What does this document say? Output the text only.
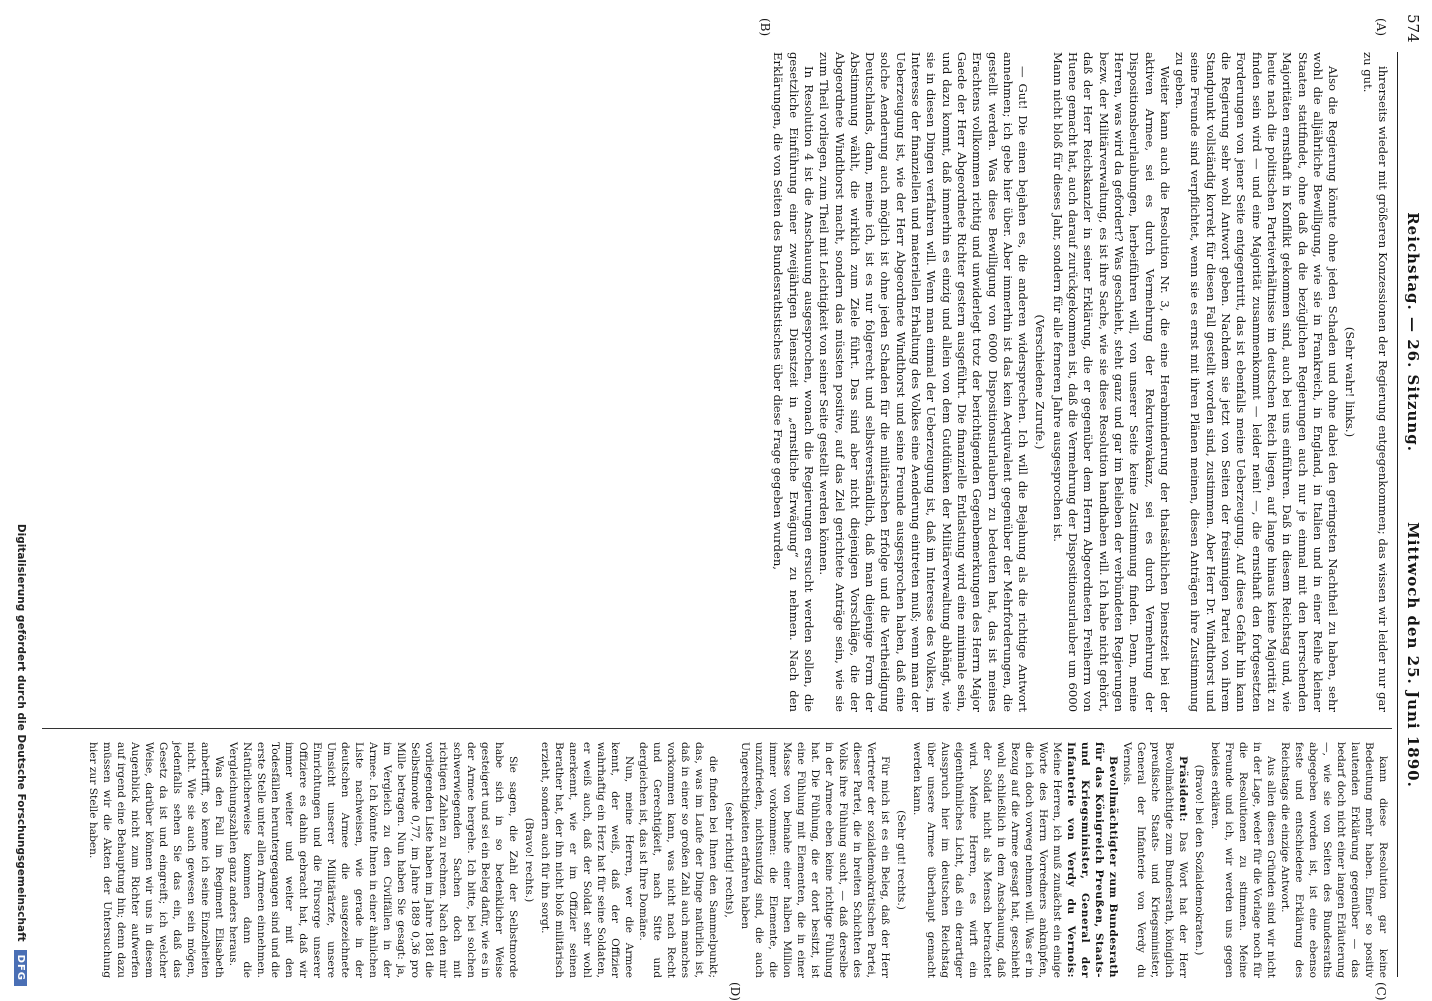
574
Reichstag. — 26. Sitzung.            Mittwoch den 25. Juni 1890.
(A)
(B)
(C)
(D)

ihrerseits wieder mit größeren Konzessionen der Regierung entgegenkommen; das wissen wir leider nur gar zu gut.

(Sehr wahr! links.)

Also die Regierung könnte ohne jeden Schaden und ohne dabei den geringsten Nachtheil zu haben, sehr wohl die alljährliche Bewilligung, wie sie in Frankreich, in England, in Italien und in einer Reihe kleiner Staaten stattfindet, ohne daß da die bezüglichen Regierungen auch nur je einmal mit den herrschenden Majoritäten ernsthaft in Konflikt gekommen sind, auch bei uns einführen. Daß in diesem Reichstag und, wie heute nach die politischen Parteiverhältnisse im deutschen Reich liegen, auf lange hinaus keine Majorität zu finden sein wird — und eine Majorität zusammenkommt — leider nein! —, die ernsthaft den fortgesetzten Forderungen von jener Seite entgegentritt, das ist ebenfalls meine Ueberzeugung. Auf diese Gefahr hin kann die Regierung sehr wohl Antwort geben. Nachdem sie jetzt von Seiten der freisinnigen Partei von ihrem Standpunkt vollständig korrekt für diesen Fall gestellt worden sind, zustimmen. Aber Herr Dr. Windthorst und seine Freunde sind verpflichtet, wenn sie es ernst mit ihren Plänen meinen, diesen Anträgen ihre Zustimmung zu geben.

Weiter kann auch die Resolution Nr. 3, die eine Herabminderung der thatsächlichen Dienstzeit bei der aktiven Armee, sei es durch Vermehrung der Rekrutenvakanz, sei es durch Vermehrung der Dispositionsbeurlaubungen, herbeiführen will, von unserer Seite keine Zustimmung finden. Denn, meine Herren, was wird da gefordert? Was geschieht, steht ganz und gar im Belieben der verbündeten Regierungen bezw. der Militärverwaltung, es ist ihre Sache, wie sie diese Resolution handhaben will. Ich habe nicht gehört, daß der Herr Reichskanzler in seiner Erklärung, die er gegenüber dem Herrn Abgeordneten Freiherrn von Huene gemacht hat, auch darauf zurückgekommen ist, daß die Vermehrung der Dispositionsurlauber um 6000 Mann nicht bloß für dieses Jahr, sondern für alle ferneren Jahre ausgesprochen ist.

(Verschiedene Zurufe.)

— Gut! Die einen bejahen es, die anderen widersprechen. Ich will die Bejahung als die richtige Antwort annehmen; ich gebe hier über. Aber immerhin ist das kein Aequivalent gegenüber der Mehrforderungen, die gestellt werden. Was diese Bewilligung von 6000 Dispositionsurlaubern zu bedeuten hat, das ist meines Erachtens vollkommen richtig und unwiderlegt trotz der berichtigenden Gegenbemerkungen des Herrn Major Gaede der Herr Abgeordnete Richter gestern ausgeführt. Die finanzielle Entlastung wird eine minimale sein, und dazu kommt, daß immerhin es einzig und allein von dem Gutdünken der Militärverwaltung abhängt, wie sie in diesen Dingen verfahren will. Wenn man einmal der Ueberzeugung ist, daß im Interesse des Volkes, im Interesse der finanziellen und materiellen Erhaltung des Volkes eine Aenderung eintreten muß; wenn man der Ueberzeugung ist, wie der Herr Abgeordnete Windthorst und seine Freunde ausgesprochen haben, daß eine solche Aenderung auch möglich ist ohne jeden Schaden für die militärischen Erfolge und die Vertheidigung Deutschlands, dann, meine ich, ist es nur folgerecht und selbstverständlich, daß man diejenige Form der Abstimmung wählt, die wirklich zum Ziele führt. Das sind aber nicht diejenigen Vorschläge, die der Abgeordnete Windthorst macht, sondern das müssten positive, auf das Ziel gerichtete Anträge sein, wie sie zum Theil vorliegen, zum Theil mit Leichtigkeit von seiner Seite gestellt werden können.

In Resolution 4 ist die Anschauung ausgesprochen, wonach die Regierungen ersucht werden sollen, die gesetzliche Einführung einer zweijährigen Dienstzeit in „ernstliche Erwägung“ zu nehmen. Nach den Erklärungen, die von Seiten des Bundesrathstisches über diese Frage gegeben wurden,

kann diese Resolution gar keine Bedeutung mehr haben. Einer so positiv lautenden Erklärung gegenüber — das bedarf doch nicht einer langen Erläuterung —, wie sie von Seiten des Bundesraths abgegeben worden ist, ist eine ebenso feste und entschiedene Erklärung des Reichstags die einzige Antwort.

Aus allen diesen Gründen sind wir nicht in der Lage, weder für die Vorlage noch für die Resolutionen zu stimmen. Meine Freunde und ich, wir werden uns gegen beides erklären.

(Bravo! bei den Sozialdemokraten.)

Präsident: Das Wort hat der Herr Bevollmächtigte zum Bundesrath, königlich preußische Staats- und Kriegsminister, General der Infanterie von Verdy du Vernois.

Bevollmächtigter zum Bundesrath für das Königreich Preußen, Staats- und Kriegsminister, General der Infanterie von Verdy du Vernois: Meine Herren, ich muß zunächst ein einige Worte des Herrn Vorredners anknüpfen, die ich doch vorweg nehmen will. Was er in Bezug auf die Armee gesagt hat, geschieht wohl schließlich in dem Anschauung, daß der Soldat nicht als Mensch betrachtet wird. Meine Herren, es wirft ein eigenthümliches Licht, daß ein derartiger Ausspruch hier im deutschen Reichstag über unsere Armee überhaupt gemacht werden kann.

(Sehr gut! rechts.)

Für mich ist es ein Beleg, daß der Herr Vertreter der sozialdemokratischen Partei, dieser Partei, die in breiten Schichten des Volks ihre Fühlung sucht, — daß derselbe in der Armee eben keine richtige Fühlung hat. Die Fühlung, die er dort besitzt, ist eine Fühlung mit Elementen, die in einer Masse von beinahe einer halben Million immer vorkommen: die Elemente, die unzufrieden, nichtsnutzig sind, die auch Ungerechtigkeiten erfahren haben

(sehr richtig! rechts),

die finden bei Ihnen den Sammelpunkt; das, was im Laufe der Dinge natürlich ist, daß in einer so großen Zahl auch manches vorkommen kann, was nicht nach Recht und Gerechtigkeit, nach Sitte und dergleichen ist, das ist Ihre Domäne.

Nun, meine Herren, wer die Armee kennt, der weiß, daß der Offizier wahrhaftig ein Herz hat für seine Soldaten, er weiß auch, daß der Soldat sehr wohl anerkennt, wie er im Offizier seinen Berather hat, der ihn nicht bloß militärisch erzieht, sondern auch für ihn sorgt.

(Bravo! rechts.)

Sie sagen, die Zahl der Selbstmorde habe sich in so bedenklicher Weise gesteigert und sei ein Beleg dafür, wie es in der Armee hergehe. Ich bitte, bei solchen schwerwiegenden Sachen doch mit richtigen Zahlen zu rechnen. Nach den mir vorliegenden Liste haben im Jahre 1881 die Selbstmorde 0,77, im Jahre 1889 0,36 pro Mille betragen. Nun haben Sie gesagt: ja, im Vergleich zu den Civilfällen in der Armee. Ich könnte Ihnen in einer ähnlichen Liste nachweisen, wie gerade in der deutschen Armee die ausgezeichnete Umsicht unserer Militärärzte, unsere Einrichtungen und die Fürsorge unserer Offiziere es dahin gebracht hat, daß wir immer weiter und weiter mit den Todesfällen heruntergegangen sind und die erste Stelle unter allen Armeen einnehmen. Natürlicherweise kommen dann die Vergleichungszahlen ganz anders heraus.

Was den Fall im Regiment Elisabeth anbetrifft, so kenne ich seine Einzelheiten nicht. Wie sie auch gewesen sein mögen, jedenfalls sehen Sie das ein, daß das Gesetz da ist und eingreift; ich welcher Weise, darüber können wir uns in diesem Augenblick nicht zum Richter aufwerfen auf irgend eine Behauptung hin; denn dazu müssen wir die Akten der Untersuchung hier zur Stelle haben.

Digitalisierung gefördert durch die Deutsche Forschungsgemeinschaft
DFG
